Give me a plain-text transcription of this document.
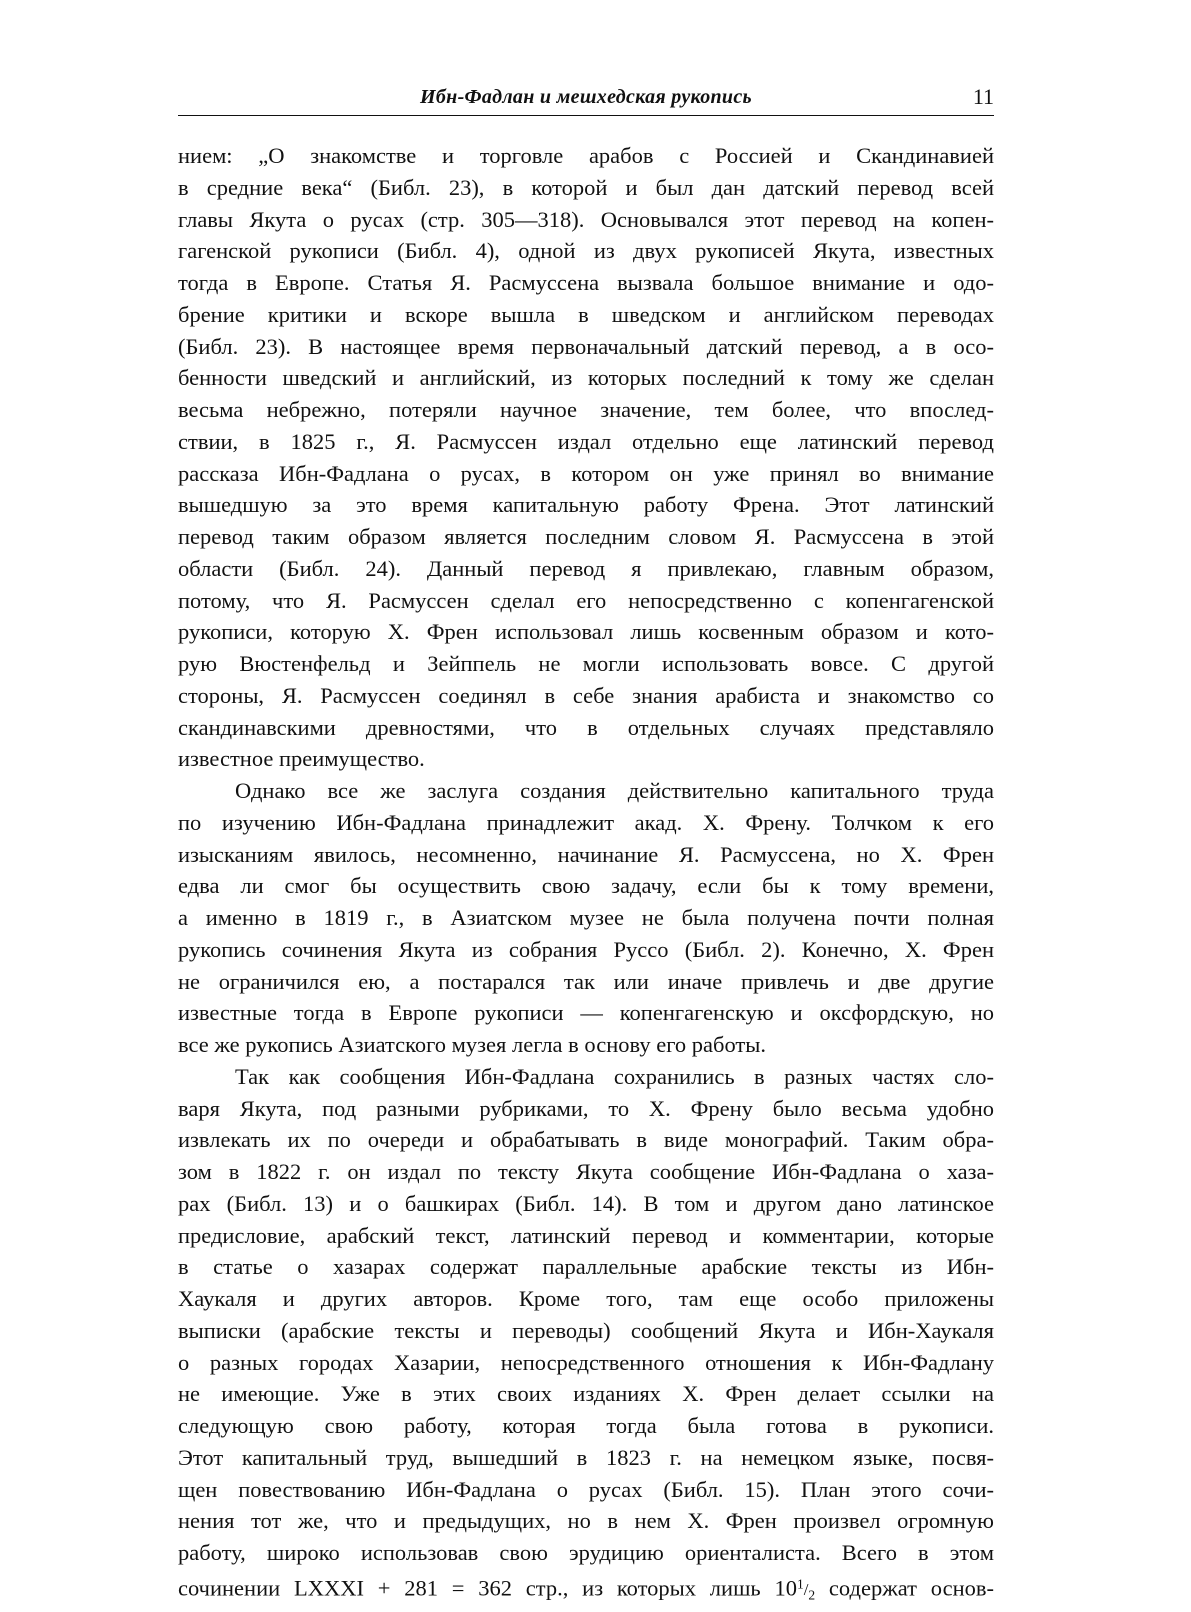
Ибн-Фадлан и мешхедская рукопись	11
нием: „О знакомстве и торговле арабов с Россией и Скандинавией
в средние века“ (Библ. 23), в которой и был дан датский перевод всей
главы Якута о русах (стр. 305—318). Основывался этот перевод на копен-
гагенской рукописи (Библ. 4), одной из двух рукописей Якута, известных
тогда в Европе. Статья Я. Расмуссена вызвала большое внимание и одо-
брение критики и вскоре вышла в шведском и английском переводах
(Библ. 23). В настоящее время первоначальный датский перевод, а в осо-
бенности шведский и английский, из которых последний к тому же сделан
весьма небрежно, потеряли научное значение, тем более, что впослед-
ствии, в 1825 г., Я. Расмуссен издал отдельно еще латинский перевод
рассказа Ибн-Фадлана о русах, в котором он уже принял во внимание
вышедшую за это время капитальную работу Френа. Этот латинский
перевод таким образом является последним словом Я. Расмуссена в этой
области (Библ. 24). Данный перевод я привлекаю, главным образом,
потому, что Я. Расмуссен сделал его непосредственно с копенгагенской
рукописи, которую Х. Френ использовал лишь косвенным образом и кото-
рую Вюстенфельд и Зейппель не могли использовать вовсе. С другой
стороны, Я. Расмуссен соединял в себе знания арабиста и знакомство со
скандинавскими древностями, что в отдельных случаях представляло
известное преимущество.
Однако все же заслуга создания действительно капитального труда
по изучению Ибн-Фадлана принадлежит акад. Х. Френу. Толчком к его
изысканиям явилось, несомненно, начинание Я. Расмуссена, но Х. Френ
едва ли смог бы осуществить свою задачу, если бы к тому времени,
а именно в 1819 г., в Азиатском музее не была получена почти полная
рукопись сочинения Якута из собрания Руссо (Библ. 2). Конечно, Х. Френ
не ограничился ею, а постарался так или иначе привлечь и две другие
известные тогда в Европе рукописи — копенгагенскую и оксфордскую, но
все же рукопись Азиатского музея легла в основу его работы.
Так как сообщения Ибн-Фадлана сохранились в разных частях сло-
варя Якута, под разными рубриками, то Х. Френу было весьма удобно
извлекать их по очереди и обрабатывать в виде монографий. Таким обра-
зом в 1822 г. он издал по тексту Якута сообщение Ибн-Фадлана о хаза-
рах (Библ. 13) и о башкирах (Библ. 14). В том и другом дано латинское
предисловие, арабский текст, латинский перевод и комментарии, которые
в статье о хазарах содержат параллельные арабские тексты из Ибн-
Хаукаля и других авторов. Кроме того, там еще особо приложены
выписки (арабские тексты и переводы) сообщений Якута и Ибн-Хаукаля
о разных городах Хазарии, непосредственного отношения к Ибн-Фадлану
не имеющие. Уже в этих своих изданиях Х. Френ делает ссылки на
следующую свою работу, которая тогда была готова в рукописи.
Этот капитальный труд, вышедший в 1823 г. на немецком языке, посвя-
щен повествованию Ибн-Фадлана о русах (Библ. 15). План этого сочи-
нения тот же, что и предыдущих, но в нем Х. Френ произвел огромную
работу, широко использовав свою эрудицию ориенталиста. Всего в этом
сочинении LXXXI + 281 = 362 стр., из которых лишь $10^1/_2$ содержат основ-
